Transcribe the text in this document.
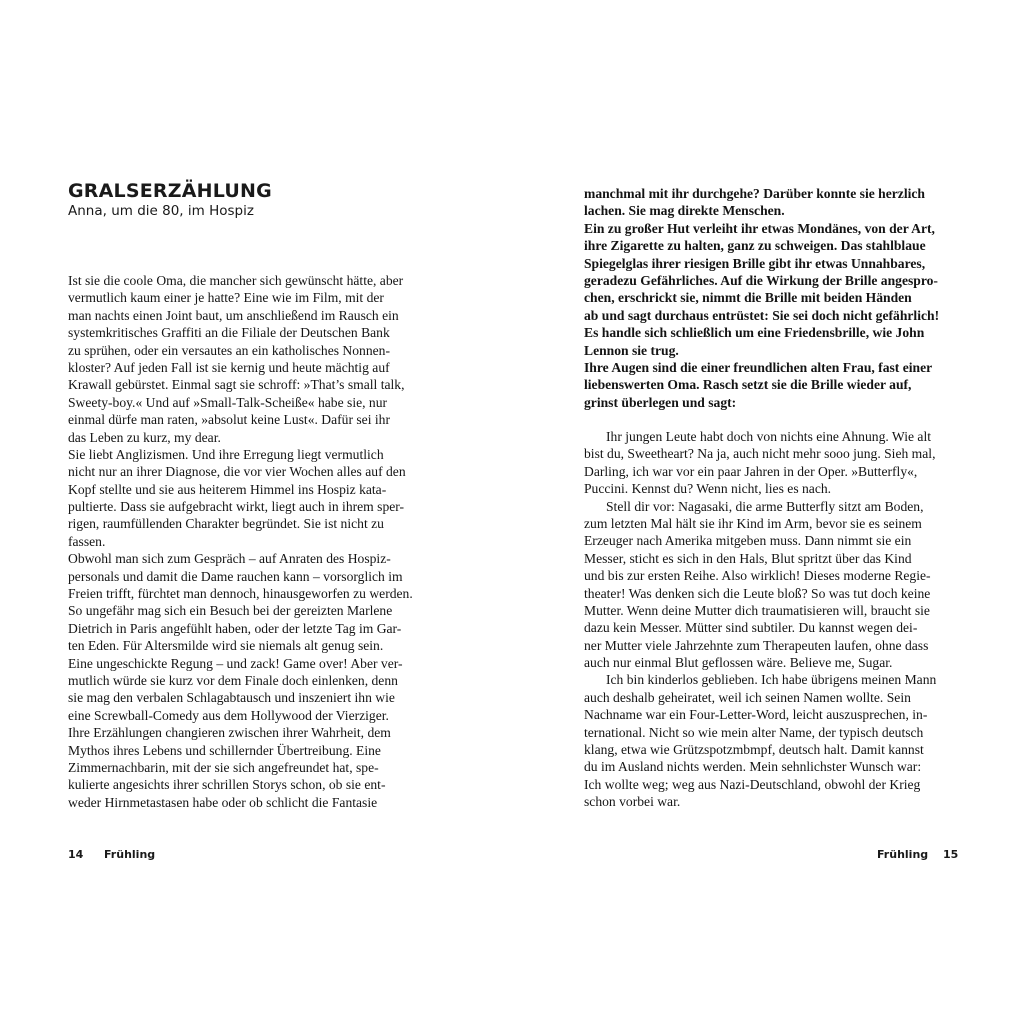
GRALSERZÄHLUNG
Anna, um die 80, im Hospiz
Ist sie die coole Oma, die mancher sich gewünscht hätte, aber
vermutlich kaum einer je hatte? Eine wie im Film, mit der
man nachts einen Joint baut, um anschließend im Rausch ein
systemkritisches Graffiti an die Filiale der Deutschen Bank
zu sprühen, oder ein versautes an ein katholisches Nonnen-
kloster? Auf jeden Fall ist sie kernig und heute mächtig auf
Krawall gebürstet. Einmal sagt sie schroff: »That’s small talk,
Sweety-boy.« Und auf »Small-Talk-Scheiße« habe sie, nur
einmal dürfe man raten, »absolut keine Lust«. Dafür sei ihr
das Leben zu kurz, my dear.
Sie liebt Anglizismen. Und ihre Erregung liegt vermutlich
nicht nur an ihrer Diagnose, die vor vier Wochen alles auf den
Kopf stellte und sie aus heiterem Himmel ins Hospiz kata-
pultierte. Dass sie aufgebracht wirkt, liegt auch in ihrem sper-
rigen, raumfüllenden Charakter begründet. Sie ist nicht zu
fassen.
Obwohl man sich zum Gespräch – auf Anraten des Hospiz-
personals und damit die Dame rauchen kann – vorsorglich im
Freien trifft, fürchtet man dennoch, hinausgeworfen zu werden.
So ungefähr mag sich ein Besuch bei der gereizten Marlene
Dietrich in Paris angefühlt haben, oder der letzte Tag im Gar-
ten Eden. Für Altersmilde wird sie niemals alt genug sein.
Eine ungeschickte Regung – und zack! Game over! Aber ver-
mutlich würde sie kurz vor dem Finale doch einlenken, denn
sie mag den verbalen Schlagabtausch und inszeniert ihn wie
eine Screwball-Comedy aus dem Hollywood der Vierziger.
Ihre Erzählungen changieren zwischen ihrer Wahrheit, dem
Mythos ihres Lebens und schillernder Übertreibung. Eine
Zimmernachbarin, mit der sie sich angefreundet hat, spe-
kulierte angesichts ihrer schrillen Storys schon, ob sie ent-
weder Hirnmetastasen habe oder ob schlicht die Fantasie
14 Frühling
manchmal mit ihr durchgehe? Darüber konnte sie herzlich
lachen. Sie mag direkte Menschen.
Ein zu großer Hut verleiht ihr etwas Mondänes, von der Art,
ihre Zigarette zu halten, ganz zu schweigen. Das stahlblaue
Spiegelglas ihrer riesigen Brille gibt ihr etwas Unnahbares,
geradezu Gefährliches. Auf die Wirkung der Brille angespro-
chen, erschrickt sie, nimmt die Brille mit beiden Händen
ab und sagt durchaus entrüstet: Sie sei doch nicht gefährlich!
Es handle sich schließlich um eine Friedensbrille, wie John
Lennon sie trug.
Ihre Augen sind die einer freundlichen alten Frau, fast einer
liebenswerten Oma. Rasch setzt sie die Brille wieder auf,
grinst überlegen und sagt:
Ihr jungen Leute habt doch von nichts eine Ahnung. Wie alt
bist du, Sweetheart? Na ja, auch nicht mehr sooo jung. Sieh mal,
Darling, ich war vor ein paar Jahren in der Oper. »Butterfly«,
Puccini. Kennst du? Wenn nicht, lies es nach.
Stell dir vor: Nagasaki, die arme Butterfly sitzt am Boden,
zum letzten Mal hält sie ihr Kind im Arm, bevor sie es seinem
Erzeuger nach Amerika mitgeben muss. Dann nimmt sie ein
Messer, sticht es sich in den Hals, Blut spritzt über das Kind
und bis zur ersten Reihe. Also wirklich! Dieses moderne Regie-
theater! Was denken sich die Leute bloß? So was tut doch keine
Mutter. Wenn deine Mutter dich traumatisieren will, braucht sie
dazu kein Messer. Mütter sind subtiler. Du kannst wegen dei-
ner Mutter viele Jahrzehnte zum Therapeuten laufen, ohne dass
auch nur einmal Blut geflossen wäre. Believe me, Sugar.
Ich bin kinderlos geblieben. Ich habe übrigens meinen Mann
auch deshalb geheiratet, weil ich seinen Namen wollte. Sein
Nachname war ein Four-Letter-Word, leicht auszusprechen, in-
ternational. Nicht so wie mein alter Name, der typisch deutsch
klang, etwa wie Grützspotzmbmpf, deutsch halt. Damit kannst
du im Ausland nichts werden. Mein sehnlichster Wunsch war:
Ich wollte weg; weg aus Nazi-Deutschland, obwohl der Krieg
schon vorbei war.
Frühling 15
